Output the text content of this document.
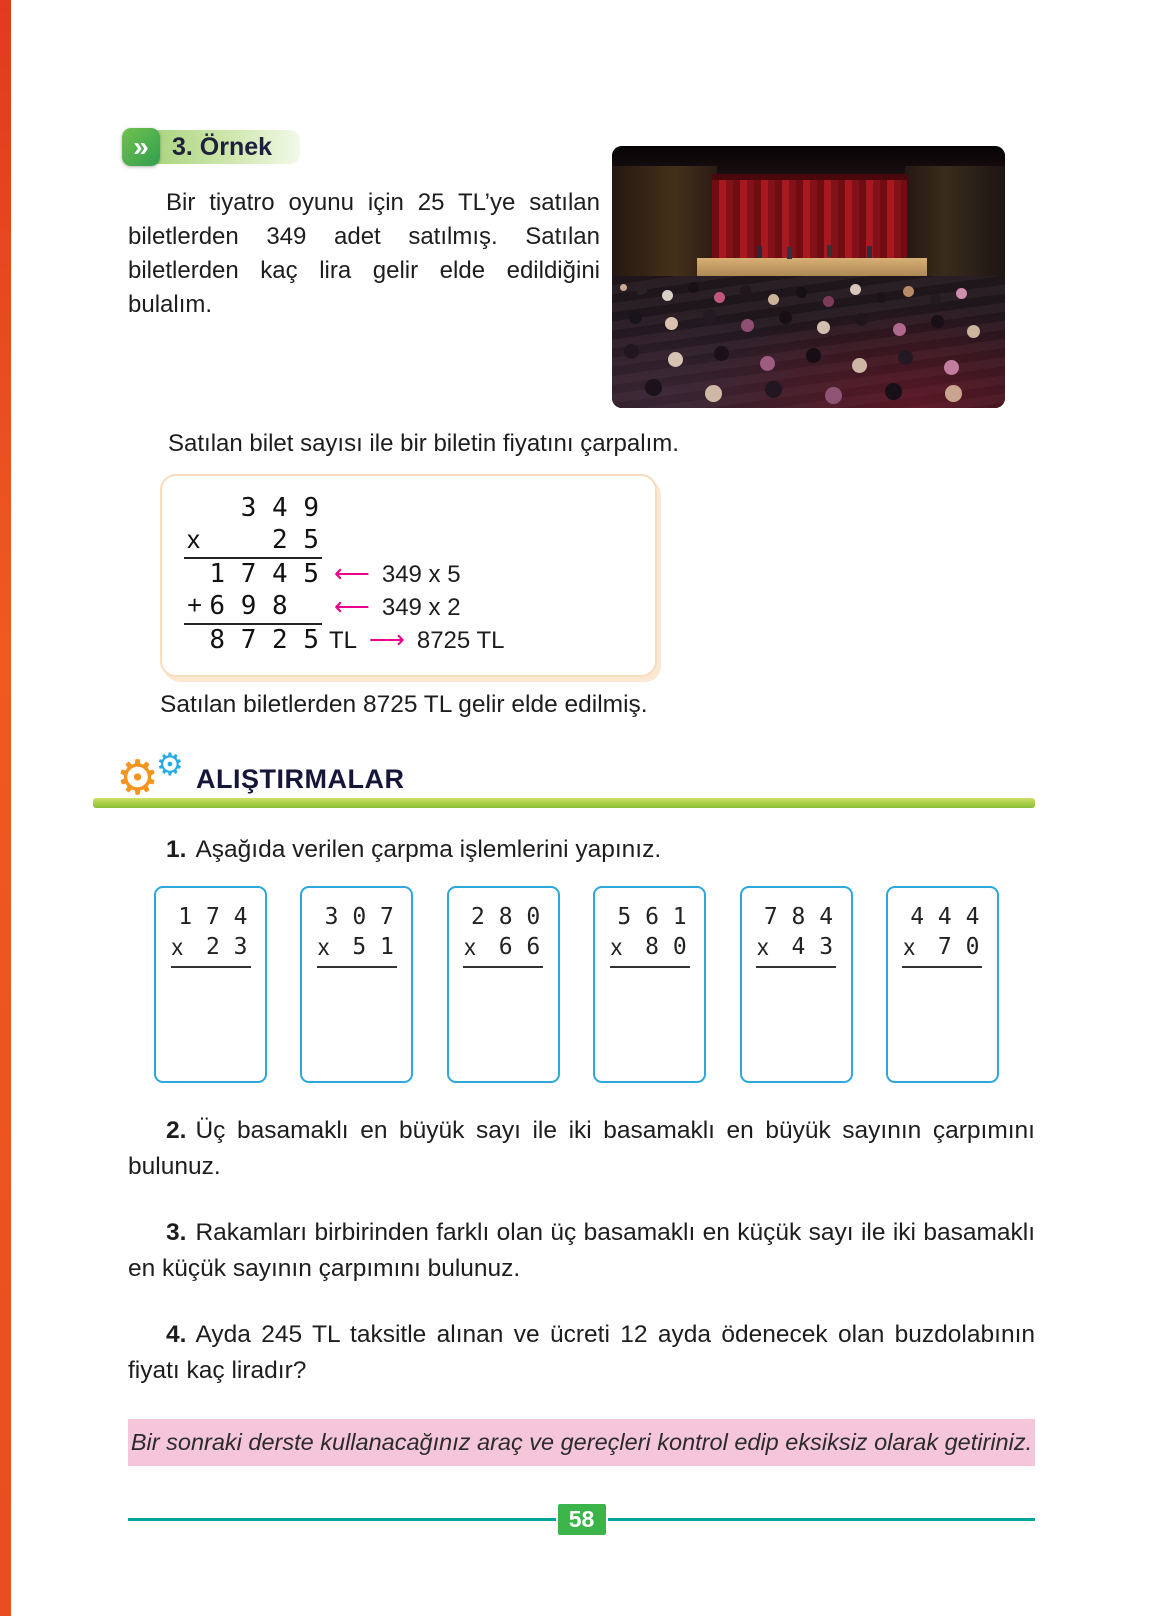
» 3. Örnek

Bir tiyatro oyunu için 25 TL’ye satılan biletlerden 349 adet satılmış. Satılan biletlerden kaç lira gelir elde edildiğini bulalım.

Satılan bilet sayısı ile bir biletin fiyatını çarpalım.

3 4 9
x	2 5
1 7 4 5 ⟵ 349 x 5
+ 6 9 8 ⟵ 349 x 2
8 7 2 5 TL ⟶ 8725 TL

Satılan biletlerden 8725 TL gelir elde edilmiş.

⚙
⚙ ALIŞTIRMALAR

1. Aşağıda verilen çarpma işlemlerini yapınız.

1 7 4
x 2 3
3 0 7
x 5 1
2 8 0
x 6 6
5 6 1
x 8 0
7 8 4
x 4 3
4 4 4
x 7 0

2. Üç basamaklı en büyük sayı ile iki basamaklı en büyük sayının çarpımını bulunuz.

3. Rakamları birbirinden farklı olan üç basamaklı en küçük sayı ile iki basamaklı en küçük sayının çarpımını bulunuz.

4. Ayda 245 TL taksitle alınan ve ücreti 12 ayda ödenecek olan buzdolabının fiyatı kaç liradır?

Bir sonraki derste kullanacağınız araç ve gereçleri kontrol edip eksiksiz olarak getiriniz.
58
